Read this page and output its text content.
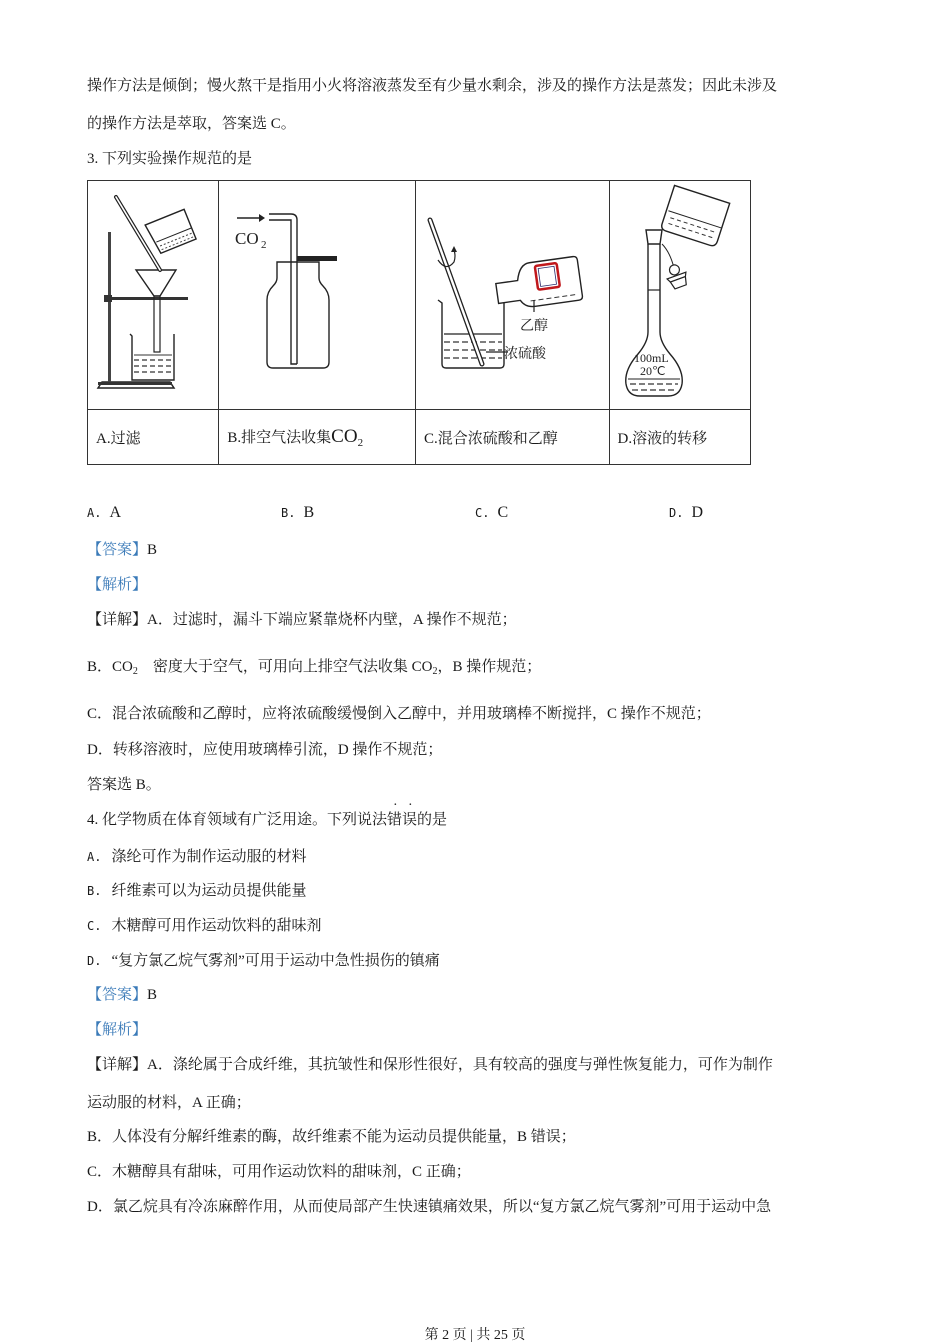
操作方法是倾倒；慢火熬干是指用小火将溶液蒸发至有少量水剩余，涉及的操作方法是蒸发；因此未涉及
的操作方法是萃取，答案选 C。
3. 下列实验操作规范的是

CO 2	乙醇
浓硫酸	100mL
20℃

A.过滤	B.排空气法收集$CO_2$	C.混合浓硫酸和乙醇	D.溶液的转移
A. A	B. B	C. C	D. D
【答案】B
【解析】
【详解】A．过滤时，漏斗下端应紧靠烧杯内壁，A 操作不规范；
B．$CO_2$　密度大于空气，可用向上排空气法收集 $CO_2$，B 操作规范；
C．混合浓硫酸和乙醇时，应将浓硫酸缓慢倒入乙醇中，并用玻璃棒不断搅拌，C 操作不规范；
D．转移溶液时，应使用玻璃棒引流，D 操作不规范；
答案选 B。
4. 化学物质在体育领域有广泛用途。下列说法错误的是
A. 涤纶可作为制作运动服的材料
B. 纤维素可以为运动员提供能量
C. 木糖醇可用作运动饮料的甜味剂
D. “复方氯乙烷气雾剂”可用于运动中急性损伤的镇痛
【答案】B
【解析】
【详解】A．涤纶属于合成纤维，其抗皱性和保形性很好，具有较高的强度与弹性恢复能力，可作为制作
运动服的材料，A 正确；
B．人体没有分解纤维素的酶，故纤维素不能为运动员提供能量，B 错误；
C．木糖醇具有甜味，可用作运动饮料的甜味剂，C 正确；
D．氯乙烷具有冷冻麻醉作用，从而使局部产生快速镇痛效果，所以“复方氯乙烷气雾剂”可用于运动中急
第 2 页 | 共 25 页
